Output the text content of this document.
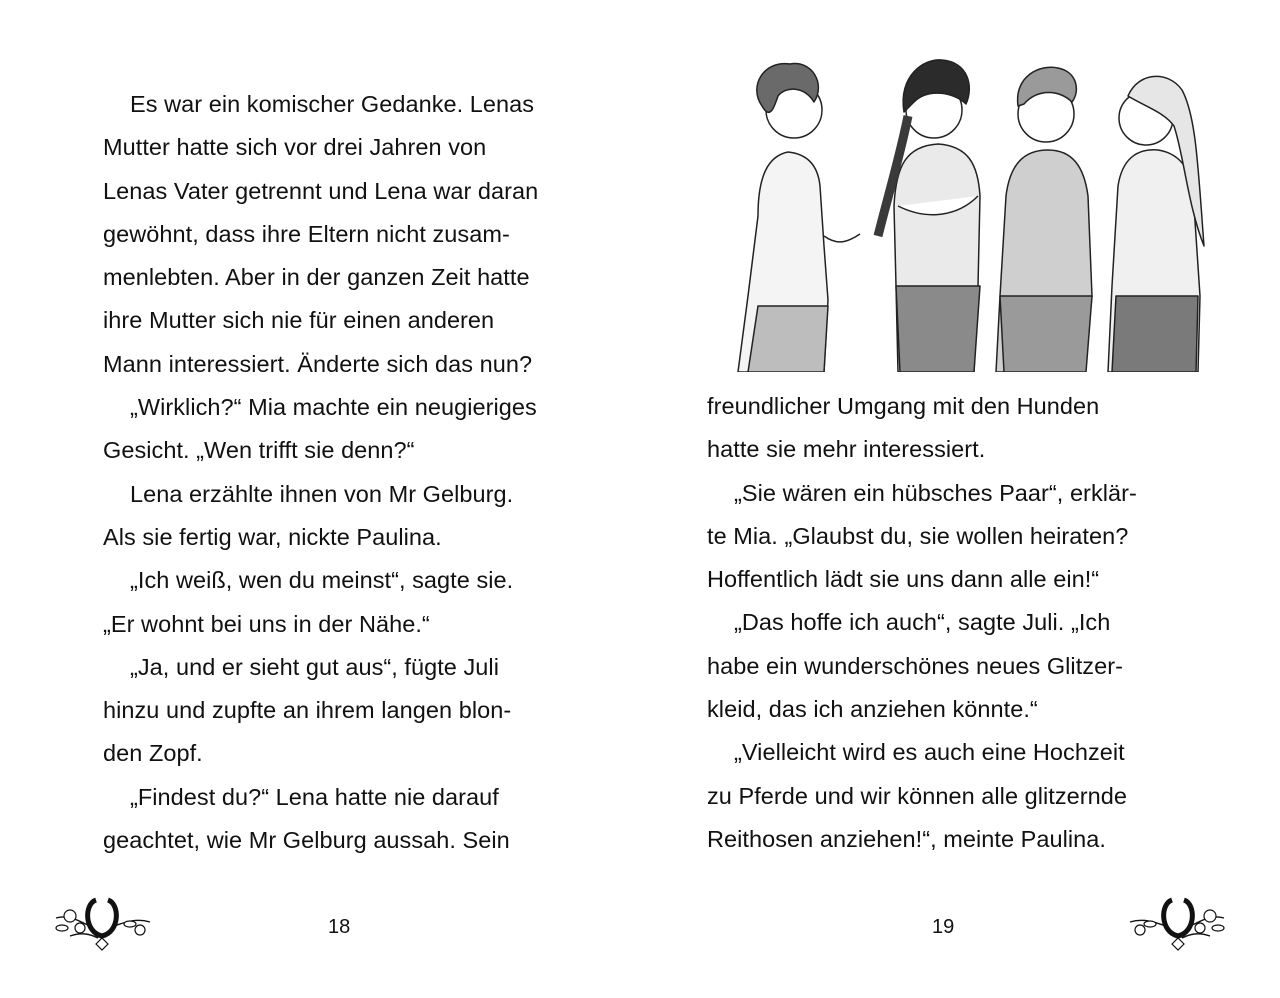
Es war ein komischer Gedanke. Lenas
Mutter hatte sich vor drei Jahren von
Lenas Vater getrennt und Lena war daran
gewöhnt, dass ihre Eltern nicht zusam-
menlebten. Aber in der ganzen Zeit hatte
ihre Mutter sich nie für einen anderen
Mann interessiert. Änderte sich das nun?
„Wirklich?“ Mia machte ein neugieriges
Gesicht. „Wen trifft sie denn?“
Lena erzählte ihnen von Mr Gelburg.
Als sie fertig war, nickte Paulina.
„Ich weiß, wen du meinst“, sagte sie.
„Er wohnt bei uns in der Nähe.“
„Ja, und er sieht gut aus“, fügte Juli
hinzu und zupfte an ihrem langen blon-
den Zopf.
„Findest du?“ Lena hatte nie darauf
geachtet, wie Mr Gelburg aussah. Sein
18
freundlicher Umgang mit den Hunden
hatte sie mehr interessiert.
„Sie wären ein hübsches Paar“, erklär-
te Mia. „Glaubst du, sie wollen heiraten?
Hoffentlich lädt sie uns dann alle ein!“
„Das hoffe ich auch“, sagte Juli. „Ich
habe ein wunderschönes neues Glitzer-
kleid, das ich anziehen könnte.“
„Vielleicht wird es auch eine Hochzeit
zu Pferde und wir können alle glitzernde
Reithosen anziehen!“, meinte Paulina.
19
